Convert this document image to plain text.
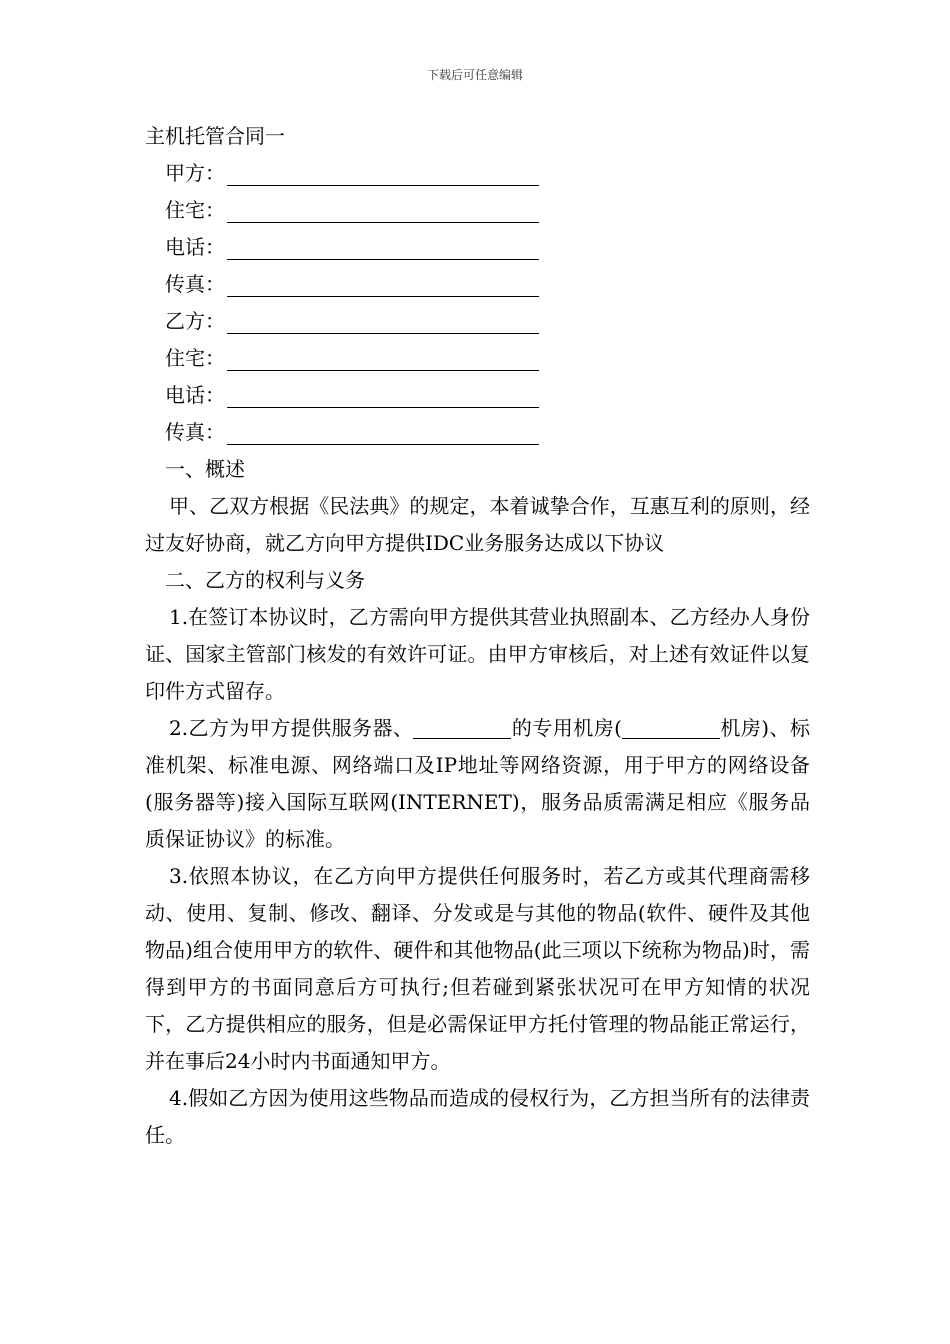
下载后可任意编辑
主机托管合同一
甲方：
住宅：
电话：
传真：
乙方：
住宅：
电话：
传真：
一、概述

甲、乙双方根据《民法典》的规定，本着诚挚合作，互惠互利的原则，经过友好协商，就乙方向甲方提供IDC业务服务达成以下协议

二、乙方的权利与义务

1.在签订本协议时，乙方需向甲方提供其营业执照副本、乙方经办人身份证、国家主管部门核发的有效许可证。由甲方审核后，对上述有效证件以复印件方式留存。

2.乙方为甲方提供服务器、	的专用机房(	机房)、标准机架、标准电源、网络端口及IP地址等网络资源，用于甲方的网络设备(服务器等)接入国际互联网(INTERNET)，服务品质需满足相应《服务品质保证协议》的标准。

3.依照本协议，在乙方向甲方提供任何服务时，若乙方或其代理商需移动、使用、复制、修改、翻译、分发或是与其他的物品(软件、硬件及其他物品)组合使用甲方的软件、硬件和其他物品(此三项以下统称为物品)时，需得到甲方的书面同意后方可执行;但若碰到紧张状况可在甲方知情的状况下，乙方提供相应的服务，但是必需保证甲方托付管理的物品能正常运行，并在事后24小时内书面通知甲方。

4.假如乙方因为使用这些物品而造成的侵权行为，乙方担当所有的法律责任。
